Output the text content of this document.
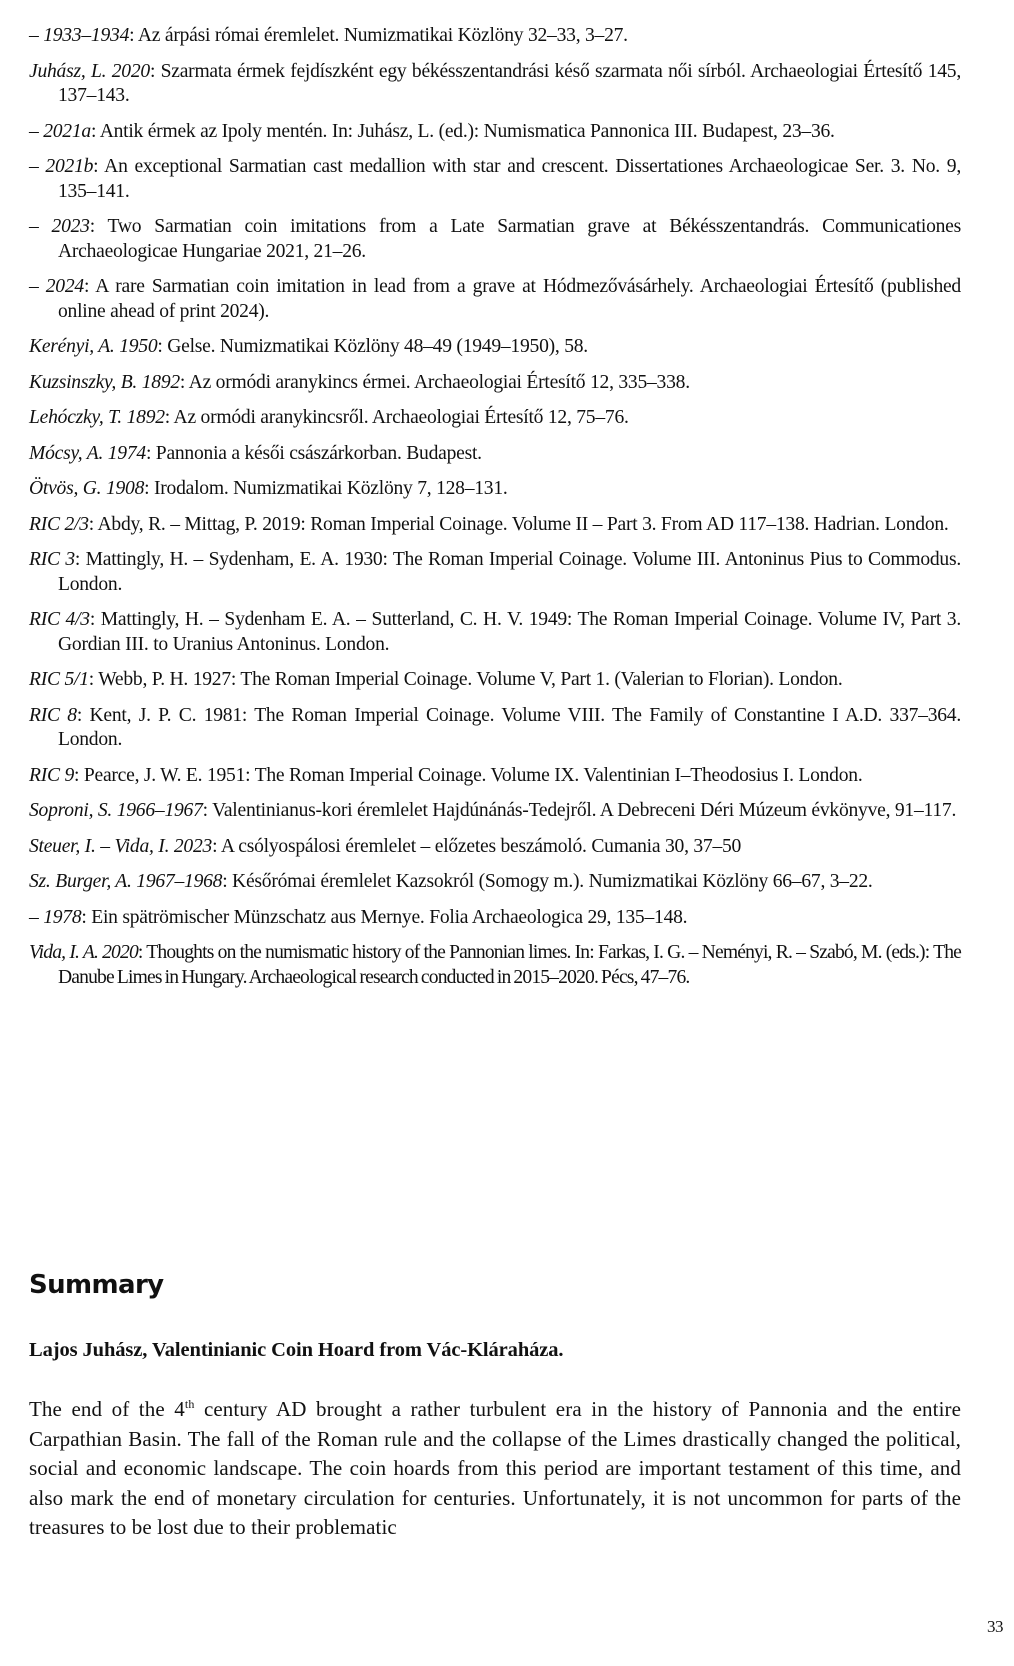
– 1933–1934: Az árpási római éremlelet. Numizmatikai Közlöny 32–33, 3–27.

Juhász, L. 2020: Szarmata érmek fejdíszként egy békésszentandrási késő szarmata női sírból. Archaeologiai Értesítő 145, 137–143.

– 2021a: Antik érmek az Ipoly mentén. In: Juhász, L. (ed.): Numismatica Pannonica III. Budapest, 23–36.

– 2021b: An exceptional Sarmatian cast medallion with star and crescent. Dissertationes Archaeologicae Ser. 3. No. 9, 135–141.

– 2023: Two Sarmatian coin imitations from a Late Sarmatian grave at Békésszentandrás. Communicationes Archaeologicae Hungariae 2021, 21–26.

– 2024: A rare Sarmatian coin imitation in lead from a grave at Hódmezővásárhely. Archaeologiai Értesítő (published online ahead of print 2024).

Kerényi, A. 1950: Gelse. Numizmatikai Közlöny 48–49 (1949–1950), 58.

Kuzsinszky, B. 1892: Az ormódi aranykincs érmei. Archaeologiai Értesítő 12, 335–338.

Lehóczky, T. 1892: Az ormódi aranykincsről. Archaeologiai Értesítő 12, 75–76.

Mócsy, A. 1974: Pannonia a késői császárkorban. Budapest.

Ötvös, G. 1908: Irodalom. Numizmatikai Közlöny 7, 128–131.

RIC 2/3: Abdy, R. – Mittag, P. 2019: Roman Imperial Coinage. Volume II – Part 3. From AD 117–138. Hadrian. London.

RIC 3: Mattingly, H. – Sydenham, E. A. 1930: The Roman Imperial Coinage. Volume III. Antoninus Pius to Commodus. London.

RIC 4/3: Mattingly, H. – Sydenham E. A. – Sutterland, C. H. V. 1949: The Roman Imperial Coinage. Volume IV, Part 3. Gordian III. to Uranius Antoninus. London.

RIC 5/1: Webb, P. H. 1927: The Roman Imperial Coinage. Volume V, Part 1. (Valerian to Florian). London.

RIC 8: Kent, J. P. C. 1981: The Roman Imperial Coinage. Volume VIII. The Family of Constantine I A.D. 337–364. London.

RIC 9: Pearce, J. W. E. 1951: The Roman Imperial Coinage. Volume IX. Valentinian I–Theodosius I. London.

Soproni, S. 1966–1967: Valentinianus-kori éremlelet Hajdúnánás-Tedejről. A Debreceni Déri Múzeum évkönyve, 91–117.

Steuer, I. – Vida, I. 2023: A csólyospálosi éremlelet – előzetes beszámoló. Cumania 30, 37–50

Sz. Burger, A. 1967–1968: Későrómai éremlelet Kazsokról (Somogy m.). Numizmatikai Közlöny 66–67, 3–22.

– 1978: Ein spätrömischer Münzschatz aus Mernye. Folia Archaeologica 29, 135–148.

Vida, I. A. 2020: Thoughts on the numismatic history of the Pannonian limes. In: Farkas, I. G. – Neményi, R. – Szabó, M. (eds.): The Danube Limes in Hungary. Archaeological research conducted in 2015–2020. Pécs, 47–76.

Summary
Lajos Juhász, Valentinianic Coin Hoard from Vác-Kláraháza.

The end of the 4th century AD brought a rather turbulent era in the history of Pannonia and the entire Carpathian Basin. The fall of the Roman rule and the collapse of the Limes drastically changed the political, social and economic landscape. The coin hoards from this period are important testament of this time, and also mark the end of monetary circulation for centuries. Unfortunately, it is not uncommon for parts of the treasures to be lost due to their problematic

33
